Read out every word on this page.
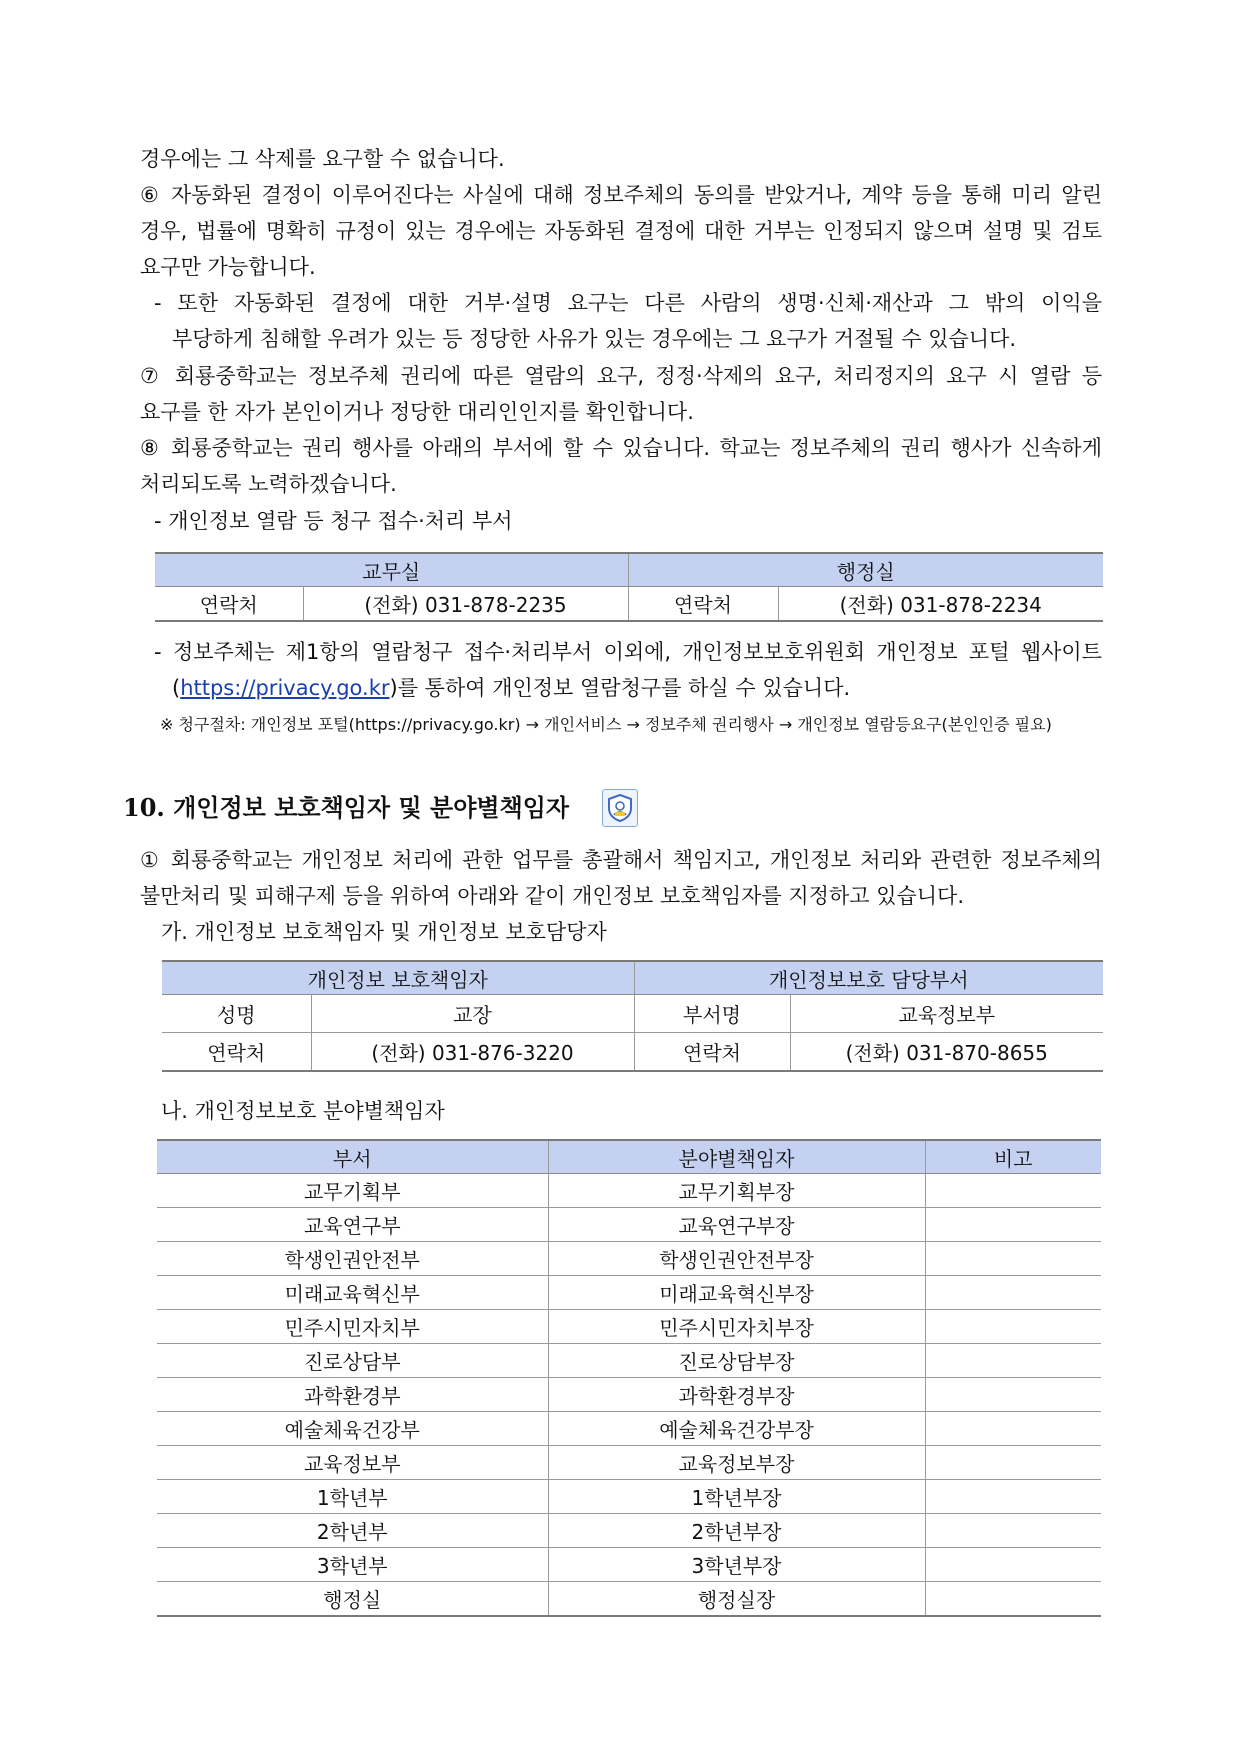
경우에는 그 삭제를 요구할 수 없습니다.
⑥ 자동화된 결정이 이루어진다는 사실에 대해 정보주체의 동의를 받았거나, 계약 등을 통해 미리 알린
경우, 법률에 명확히 규정이 있는 경우에는 자동화된 결정에 대한 거부는 인정되지 않으며 설명 및 검토
요구만 가능합니다.
- 또한 자동화된 결정에 대한 거부·설명 요구는 다른 사람의 생명·신체·재산과 그 밖의 이익을
부당하게 침해할 우려가 있는 등 정당한 사유가 있는 경우에는 그 요구가 거절될 수 있습니다.
⑦ 회룡중학교는 정보주체 권리에 따른 열람의 요구, 정정·삭제의 요구, 처리정지의 요구 시 열람 등
요구를 한 자가 본인이거나 정당한 대리인인지를 확인합니다.
⑧ 회룡중학교는 권리 행사를 아래의 부서에 할 수 있습니다. 학교는 정보주체의 권리 행사가 신속하게
처리되도록 노력하겠습니다.
- 개인정보 열람 등 청구 접수·처리 부서
교무실		행정실	
연락처	(전화) 031-878-2235	연락처	(전화) 031-878-2234
- 정보주체는 제1항의 열람청구 접수·처리부서 이외에, 개인정보보호위원회 개인정보 포털 웹사이트
(https://privacy.go.kr)를 통하여 개인정보 열람청구를 하실 수 있습니다.
※ 청구절차: 개인정보 포털(https://privacy.go.kr) → 개인서비스 → 정보주체 권리행사 → 개인정보 열람등요구(본인인증 필요)
10. 개인정보 보호책임자 및 분야별책임자
① 회룡중학교는 개인정보 처리에 관한 업무를 총괄해서 책임지고, 개인정보 처리와 관련한 정보주체의
불만처리 및 피해구제 등을 위하여 아래와 같이 개인정보 보호책임자를 지정하고 있습니다.
가. 개인정보 보호책임자 및 개인정보 보호담당자
개인정보 보호책임자		개인정보보호 담당부서	
성명	교장	부서명	교육정보부
연락처	(전화) 031-876-3220	연락처	(전화) 031-870-8655
나. 개인정보보호 분야별책임자
부서	분야별책임자	비고
교무기획부	교무기획부장	
교육연구부	교육연구부장	
학생인권안전부	학생인권안전부장	
미래교육혁신부	미래교육혁신부장	
민주시민자치부	민주시민자치부장	
진로상담부	진로상담부장	
과학환경부	과학환경부장	
예술체육건강부	예술체육건강부장	
교육정보부	교육정보부장	
1학년부	1학년부장	
2학년부	2학년부장	
3학년부	3학년부장	
행정실	행정실장	
